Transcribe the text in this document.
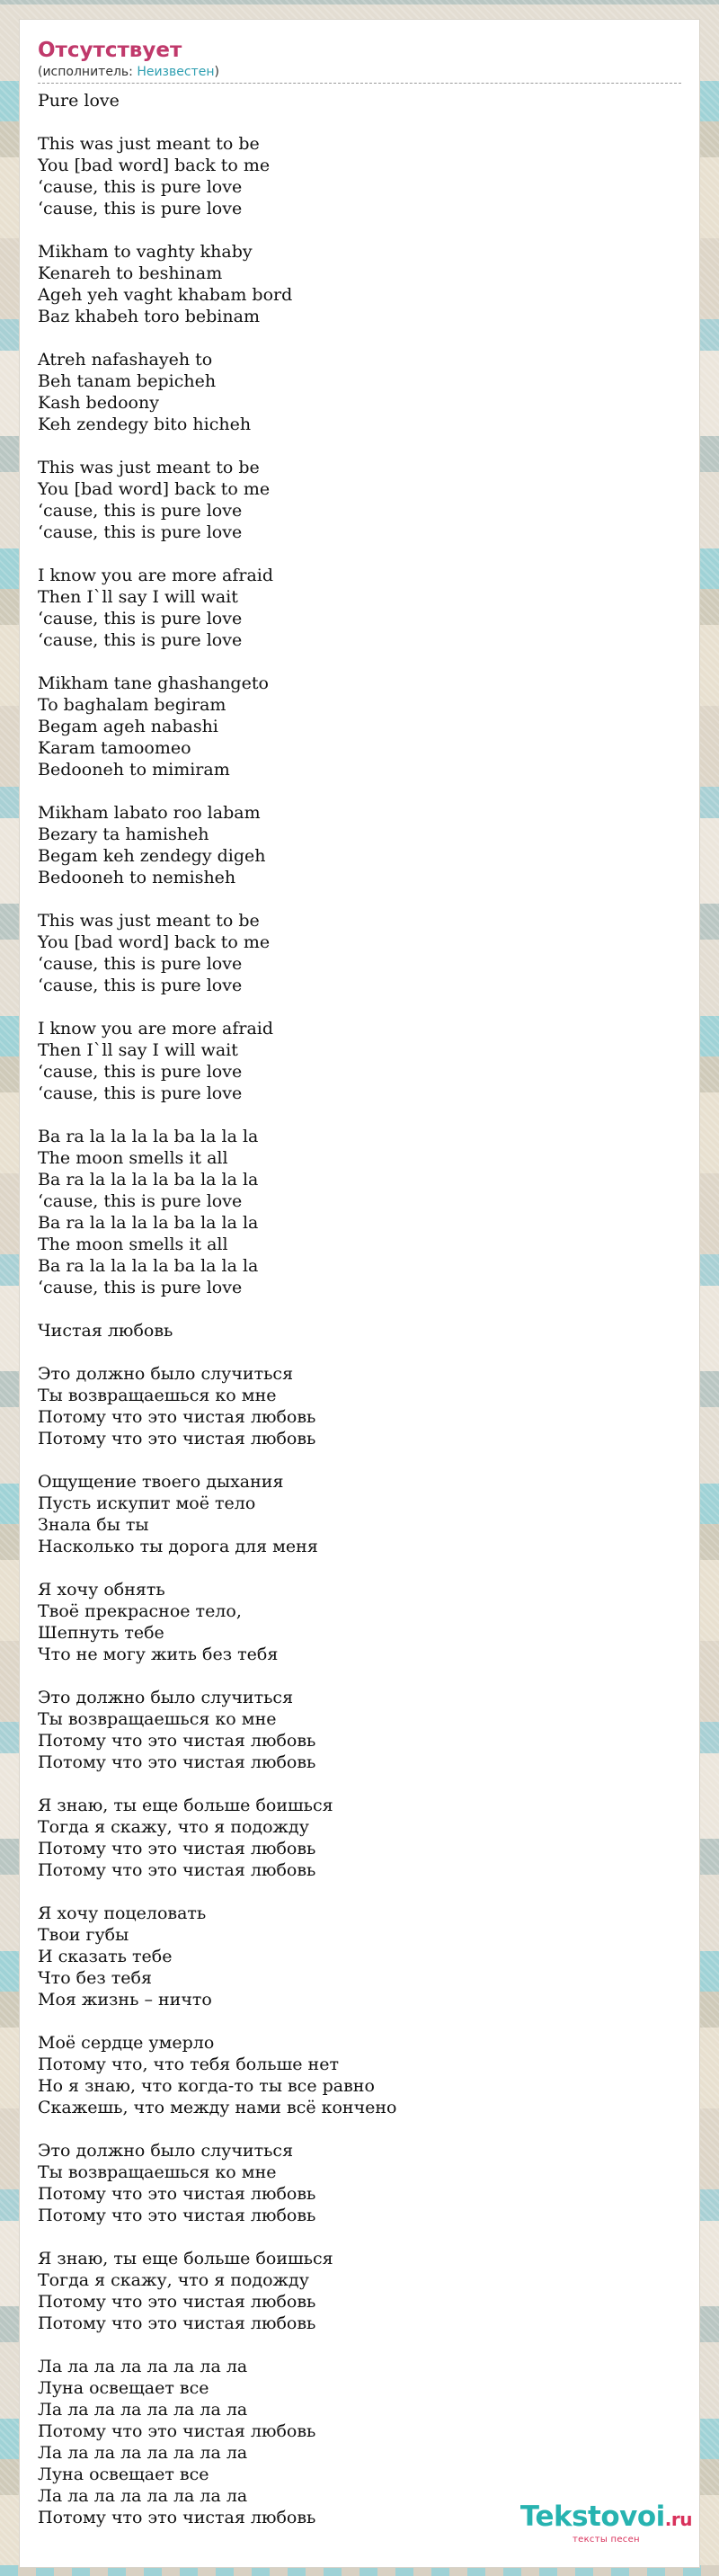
Отсутствует
(исполнитель: Неизвестен)
Pure love
This was just meant to be
You [bad word] back to me
‘cause, this is pure love
‘cause, this is pure love
Mikham to vaghty khaby
Kenareh to beshinam
Ageh yeh vaght khabam bord
Baz khabeh toro bebinam
Atreh nafashayeh to
Beh tanam bepicheh
Kash bedoony
Keh zendegy bito hicheh
This was just meant to be
You [bad word] back to me
‘cause, this is pure love
‘cause, this is pure love
I know you are more afraid
Then I`ll say I will wait
‘cause, this is pure love
‘cause, this is pure love
Mikham tane ghashangeto
To baghalam begiram
Begam ageh nabashi
Karam tamoomeo
Bedooneh to mimiram
Mikham labato roo labam
Bezary ta hamisheh
Begam keh zendegy digeh
Bedooneh to nemisheh
This was just meant to be
You [bad word] back to me
‘cause, this is pure love
‘cause, this is pure love
I know you are more afraid
Then I`ll say I will wait
‘cause, this is pure love
‘cause, this is pure love
Ba ra la la la la ba la la la
The moon smells it all
Ba ra la la la la ba la la la
‘cause, this is pure love
Ba ra la la la la ba la la la
The moon smells it all
Ba ra la la la la ba la la la
‘cause, this is pure love
Чистая любовь
Это должно было случиться
Ты возвращаешься ко мне
Потому что это чистая любовь
Потому что это чистая любовь
Ощущение твоего дыхания
Пусть искупит моё тело
Знала бы ты
Насколько ты дорога для меня
Я хочу обнять
Твоё прекрасное тело,
Шепнуть тебе
Что не могу жить без тебя
Это должно было случиться
Ты возвращаешься ко мне
Потому что это чистая любовь
Потому что это чистая любовь
Я знаю, ты еще больше боишься
Тогда я скажу, что я подожду
Потому что это чистая любовь
Потому что это чистая любовь
Я хочу поцеловать
Твои губы
И сказать тебе
Что без тебя
Моя жизнь – ничто
Моё сердце умерло
Потому что, что тебя больше нет
Но я знаю, что когда-то ты все равно
Скажешь, что между нами всё кончено
Это должно было случиться
Ты возвращаешься ко мне
Потому что это чистая любовь
Потому что это чистая любовь
Я знаю, ты еще больше боишься
Тогда я скажу, что я подожду
Потому что это чистая любовь
Потому что это чистая любовь
Ла ла ла ла ла ла ла ла
Луна освещает все
Ла ла ла ла ла ла ла ла
Потому что это чистая любовь
Ла ла ла ла ла ла ла ла
Луна освещает все
Ла ла ла ла ла ла ла ла
Потому что это чистая любовь	Tekstovoi.ru
тексты песен
